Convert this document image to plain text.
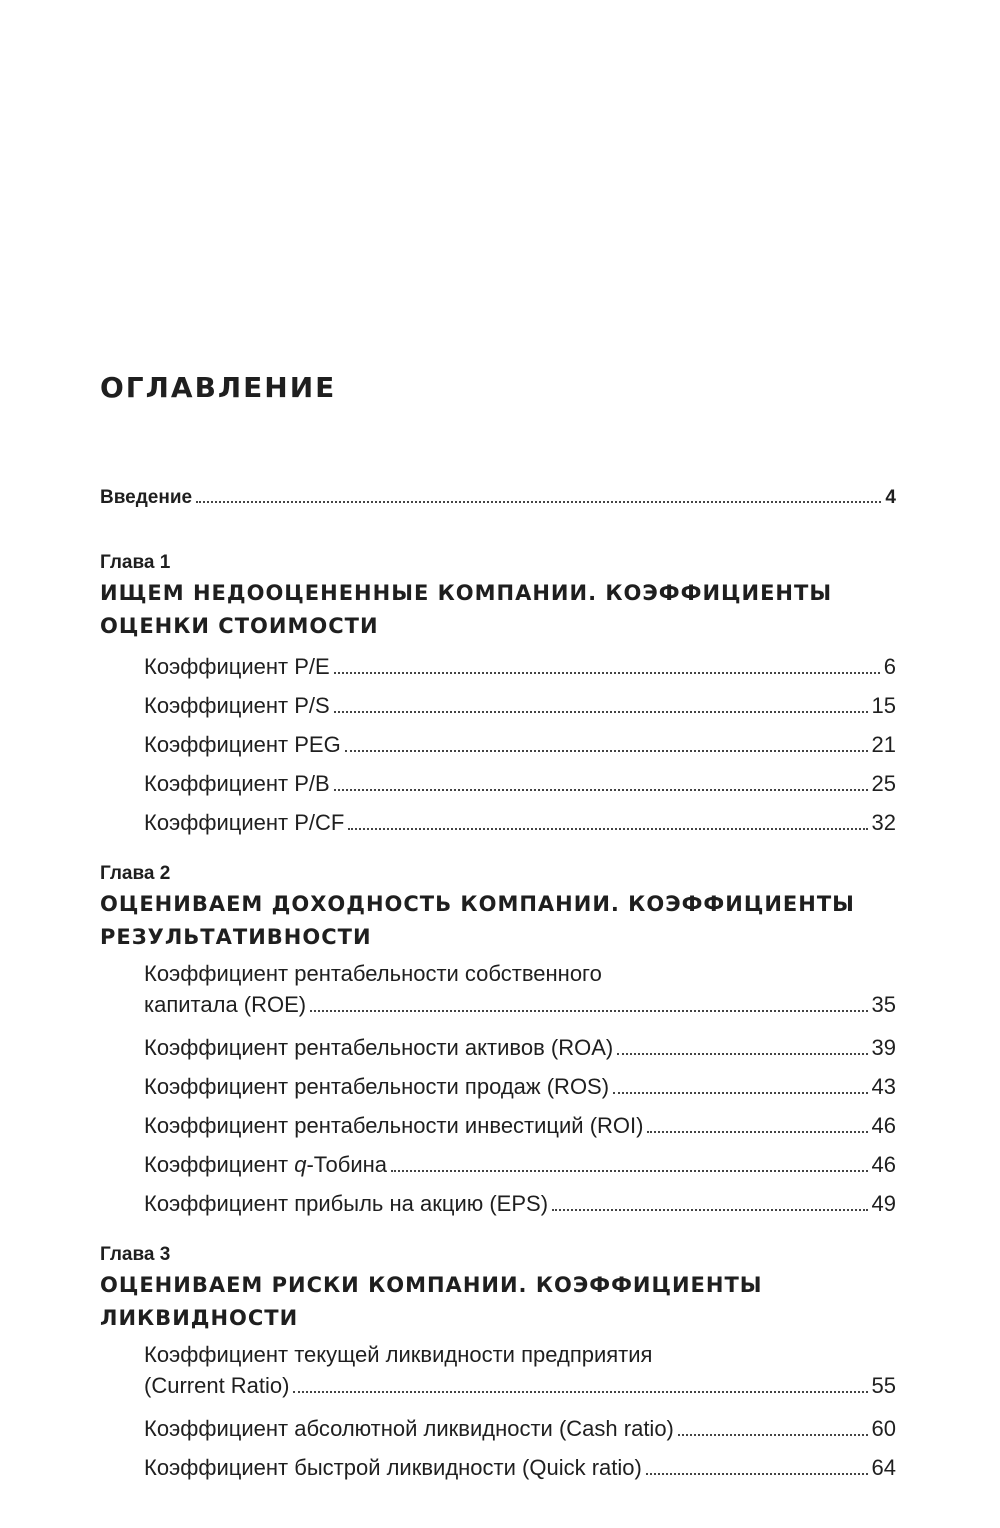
ОГЛАВЛЕНИЕ
Введение	4
Глава 1
ИЩЕМ НЕДООЦЕНЕННЫЕ КОМПАНИИ. КОЭФФИЦИЕНТЫ
ОЦЕНКИ СТОИМОСТИ
Коэффициент P/E	6
Коэффициент P/S	15
Коэффициент PEG	21
Коэффициент P/B	25
Коэффициент P/CF	32
Глава 2
ОЦЕНИВАЕМ ДОХОДНОСТЬ КОМПАНИИ. КОЭФФИЦИЕНТЫ
РЕЗУЛЬТАТИВНОСТИ
Коэффициент рентабельности собственного
капитала (ROE)	35
Коэффициент рентабельности активов (ROA)	39
Коэффициент рентабельности продаж (ROS)	43
Коэффициент рентабельности инвестиций (ROI)	46
Коэффициент q-Тобина	46
Коэффициент прибыль на акцию (EPS)	49
Глава 3
ОЦЕНИВАЕМ РИСКИ КОМПАНИИ. КОЭФФИЦИЕНТЫ
ЛИКВИДНОСТИ
Коэффициент текущей ликвидности предприятия
(Current Ratio)	55
Коэффициент абсолютной ликвидности (Cash ratio)	60
Коэффициент быстрой ликвидности (Quick ratio)	64
